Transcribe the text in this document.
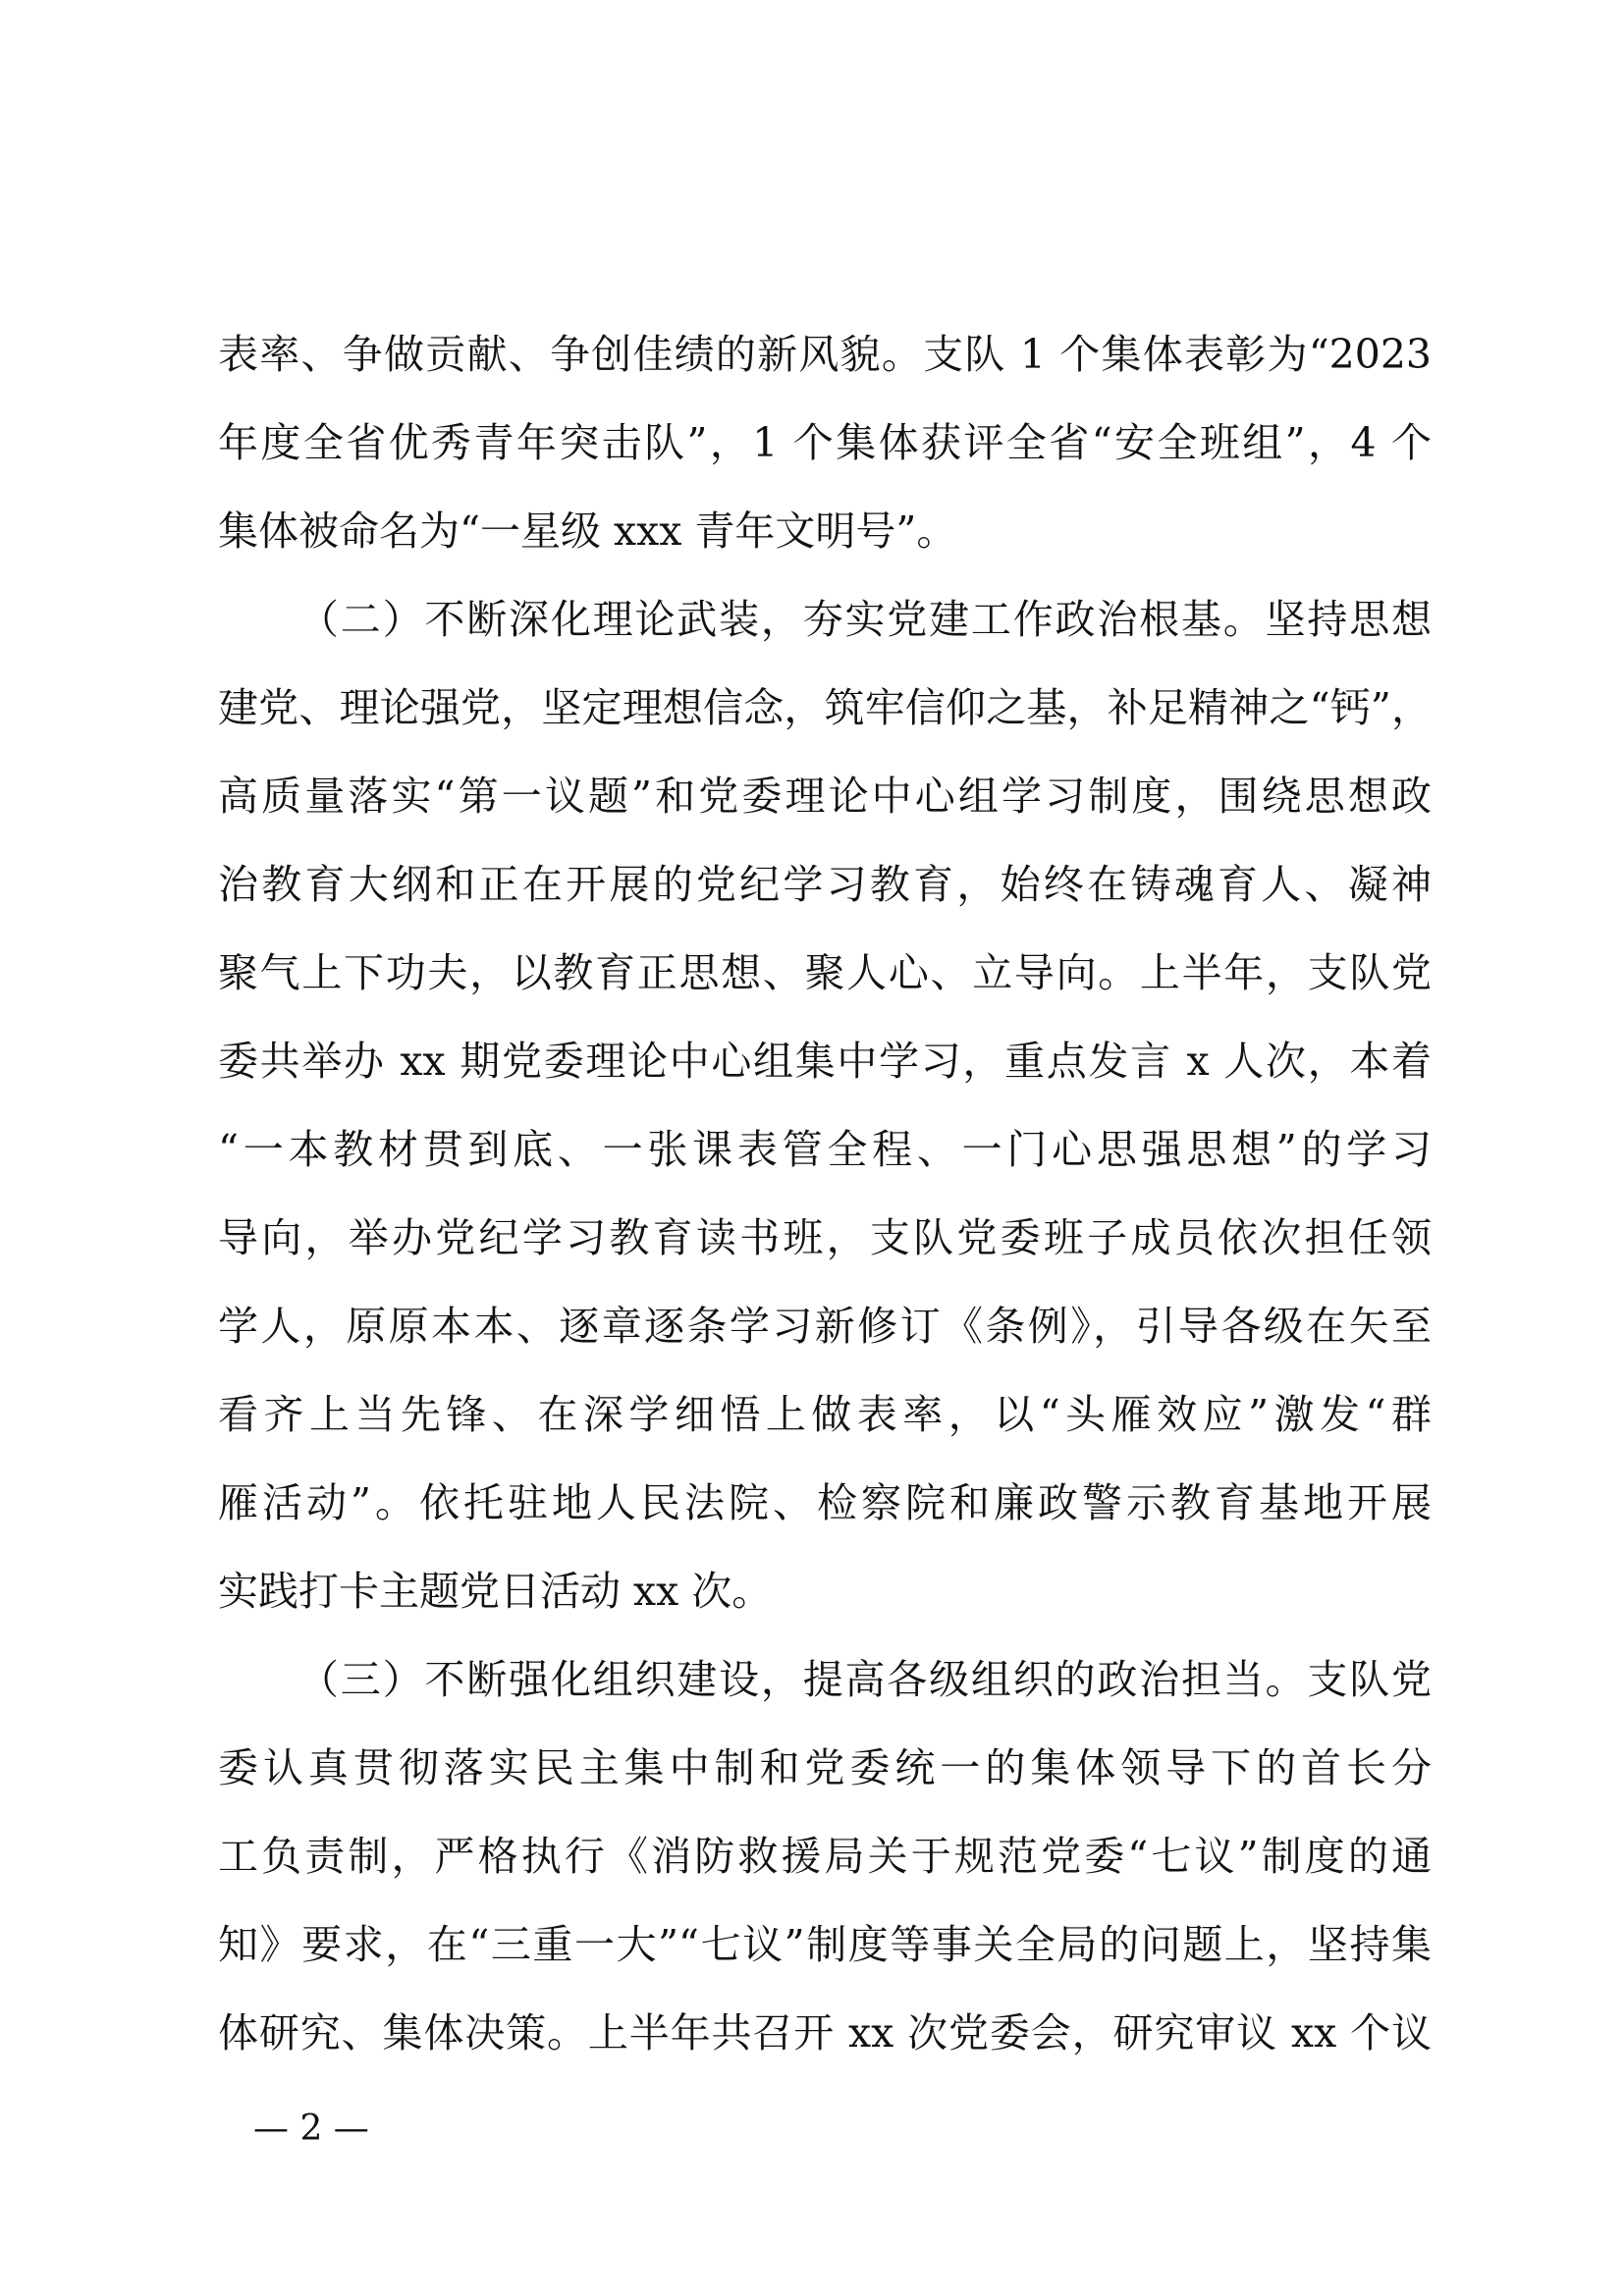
表率、争做贡献、争创佳绩的新风貌。支队 1 个集体表彰为“2023
年度全省优秀青年突击队”，1 个集体获评全省“安全班组”，4 个
集体被命名为“一星级 xxx 青年文明号”。
（二）不断深化理论武装，夯实党建工作政治根基。坚持思想
建党、理论强党，坚定理想信念，筑牢信仰之基，补足精神之“钙”，
高质量落实“第一议题”和党委理论中心组学习制度，围绕思想政
治教育大纲和正在开展的党纪学习教育，始终在铸魂育人、凝神
聚气上下功夫，以教育正思想、聚人心、立导向。上半年，支队党
委共举办 xx 期党委理论中心组集中学习，重点发言 x 人次，本着
“一本教材贯到底、一张课表管全程、一门心思强思想”的学习
导向，举办党纪学习教育读书班，支队党委班子成员依次担任领
学人，原原本本、逐章逐条学习新修订《条例》，引导各级在矢至
看齐上当先锋、在深学细悟上做表率，以“头雁效应”激发“群
雁活动”。依托驻地人民法院、检察院和廉政警示教育基地开展
实践打卡主题党日活动 xx 次。
（三）不断强化组织建设，提高各级组织的政治担当。支队党
委认真贯彻落实民主集中制和党委统一的集体领导下的首长分
工负责制，严格执行《消防救援局关于规范党委“七议”制度的通
知》要求，在“三重一大”“七议”制度等事关全局的问题上，坚持集
体研究、集体决策。上半年共召开 xx 次党委会，研究审议 xx 个议
— 2 —
